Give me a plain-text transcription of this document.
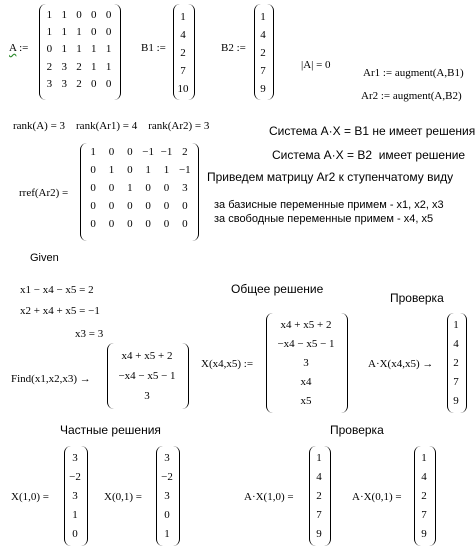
A :=
1 1 0 0 0
1 1 1 0 0
0 1 1 1 1
2 3 2 1 1
3 3 2 0 0
B1 :=
1
4
2
7
10
B2 :=
1
4
2
7
9
|A| = 0
Ar1 := augment(A,B1)
Ar2 := augment(A,B2)
rank(A) = 3    rank(Ar1) = 4    rank(Ar2) = 3	Система A·X = B1 не имеет решения
Система A·X = B2  имеет решение
Приведем матрицу Ar2 к ступенчатому виду
за базисные переменные примем - x1, x2, x3
за свободные переменные примем - x4, x5
rref(Ar2) =
1	0	0 −1 −1 2
0	1	0	1	1 −1
0	0	1	0	0	3
0	0	0	0	0	0
0	0	0	0	0	0
Given
x1 − x4 − x5 = 2
x2 + x4 + x5 = −1
x3 = 3
Find(x1,x2,x3) →
x4 + x5 + 2
−x4 − x5 − 1
3
Общее решение
X(x4,x5) :=
x4 + x5 + 2
−x4 − x5 − 1
3
x4
x5
Проверка
A·X(x4,x5) →
1
4
2
7
9
Частные решения
X(1,0) =
3
−2
3
1
0
X(0,1) =
3
−2
3
0
1
Проверка
A·X(1,0) =
1
4
2
7
9
A·X(0,1) =
1
4
2
7
9
